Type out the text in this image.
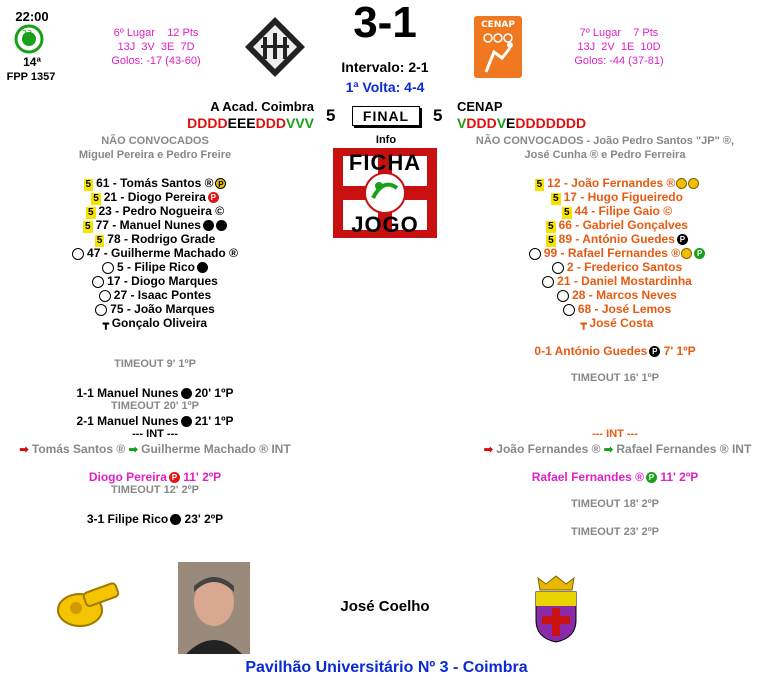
22:00
23
14ª
FPP 1357
6º Lugar 12 Pts
13J  3V  3E  7D
Golos: -17 (43-60)
3-1
Intervalo: 2-1
1ª Volta: 4-4
CENAP
7º Lugar 7 Pts
13J  2V  1E  10D
Golos: -44 (37-81)
A Acad. Coimbra
DDDDEEEDDDVVV 5	FINAL	5 CENAP
VDDDVEDDDDDDD
NÃO CONVOCADOS
Miguel Pereira e Pedro Freire
NÃO CONVOCADOS - João Pedro Santos "JP" ®,
José Cunha ® e Pedro Ferreira
Info
FICHA
JOGO
5 61 - Tomás Santos ® P
5 21 - Diogo Pereira P
5 23 - Pedro Nogueira ©
5 77 - Manuel Nunes
5 78 - Rodrigo Grade
47 - Guilherme Machado ®
5 - Filipe Rico
17 - Diogo Marques
27 - Isaac Pontes
75 - João Marques
┳ Gonçalo Oliveira
5 12 - João Fernandes ®
5 17 - Hugo Figueiredo
5 44 - Filipe Gaio ©
5 66 - Gabriel Gonçalves
5 89 - António Guedes P
99 - Rafael Fernandes ® P
2 - Frederico Santos
21 - Daniel Mostardinha
28 - Marcos Neves
68 - José Lemos
┳ José Costa
TIMEOUT 9' 1ºP
1-1 Manuel Nunes 20' 1ºP
TIMEOUT 20' 1ºP
2-1 Manuel Nunes 21' 1ºP
--- INT ---
➡ Tomás Santos ® ➡ Guilherme Machado ® INT
Diogo Pereira P 11' 2ºP
TIMEOUT 12' 2ºP
3-1 Filipe Rico 23' 2ºP
0-1 António Guedes P 7' 1ºP
TIMEOUT 16' 1ºP
--- INT ---
➡ João Fernandes ® ➡ Rafael Fernandes ® INT
Rafael Fernandes ® P 11' 2ºP
TIMEOUT 18' 2ºP
TIMEOUT 23' 2ºP
José Coelho
Pavilhão Universitário Nº 3 - Coimbra
